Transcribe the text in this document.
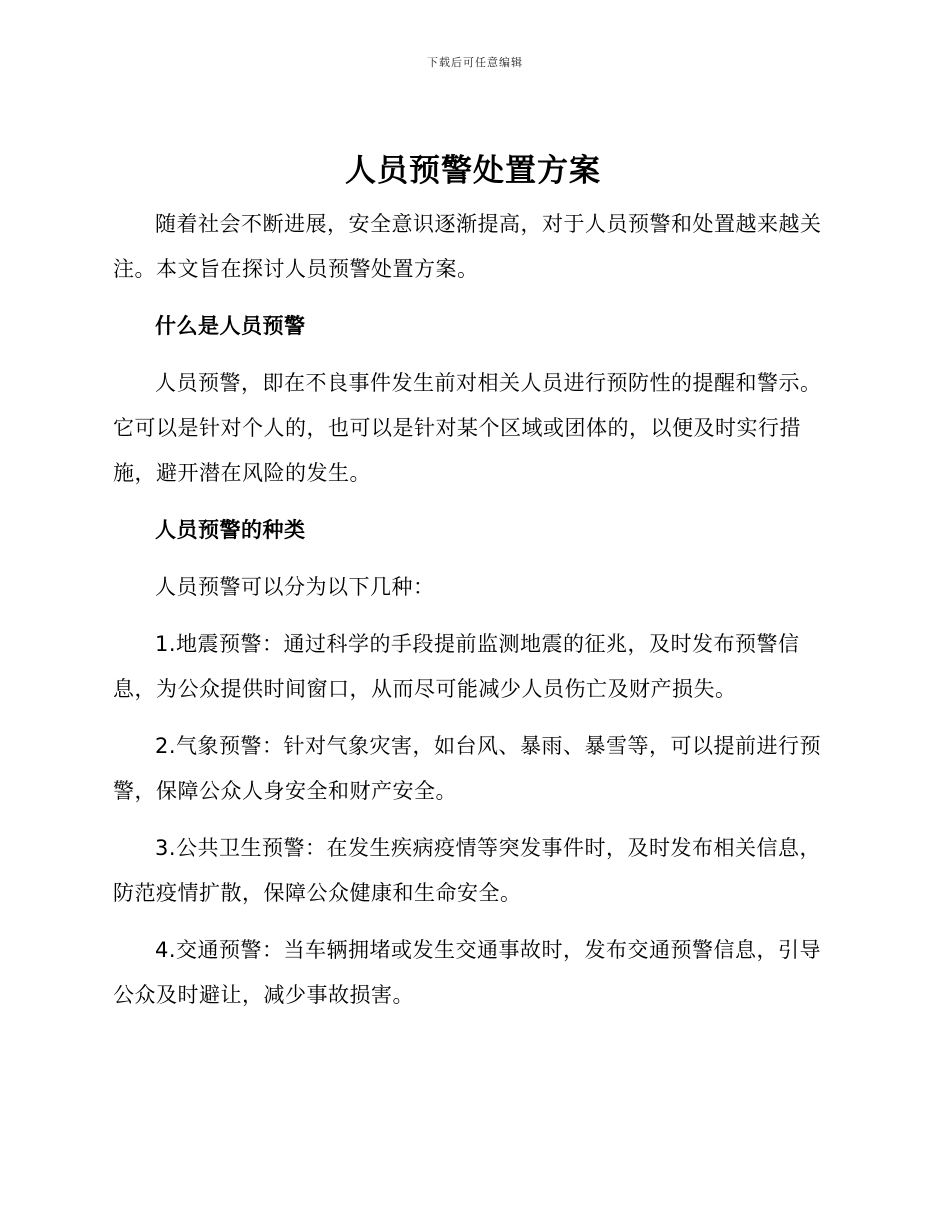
下载后可任意编辑
人员预警处置方案

随着社会不断进展，安全意识逐渐提高，对于人员预警和处置越来越关注。本文旨在探讨人员预警处置方案。

什么是人员预警

人员预警，即在不良事件发生前对相关人员进行预防性的提醒和警示。它可以是针对个人的，也可以是针对某个区域或团体的，以便及时实行措施，避开潜在风险的发生。

人员预警的种类

人员预警可以分为以下几种：

1.地震预警：通过科学的手段提前监测地震的征兆，及时发布预警信息，为公众提供时间窗口，从而尽可能减少人员伤亡及财产损失。

2.气象预警：针对气象灾害，如台风、暴雨、暴雪等，可以提前进行预警，保障公众人身安全和财产安全。

3.公共卫生预警：在发生疾病疫情等突发事件时，及时发布相关信息，防范疫情扩散，保障公众健康和生命安全。

4.交通预警：当车辆拥堵或发生交通事故时，发布交通预警信息，引导公众及时避让，减少事故损害。
